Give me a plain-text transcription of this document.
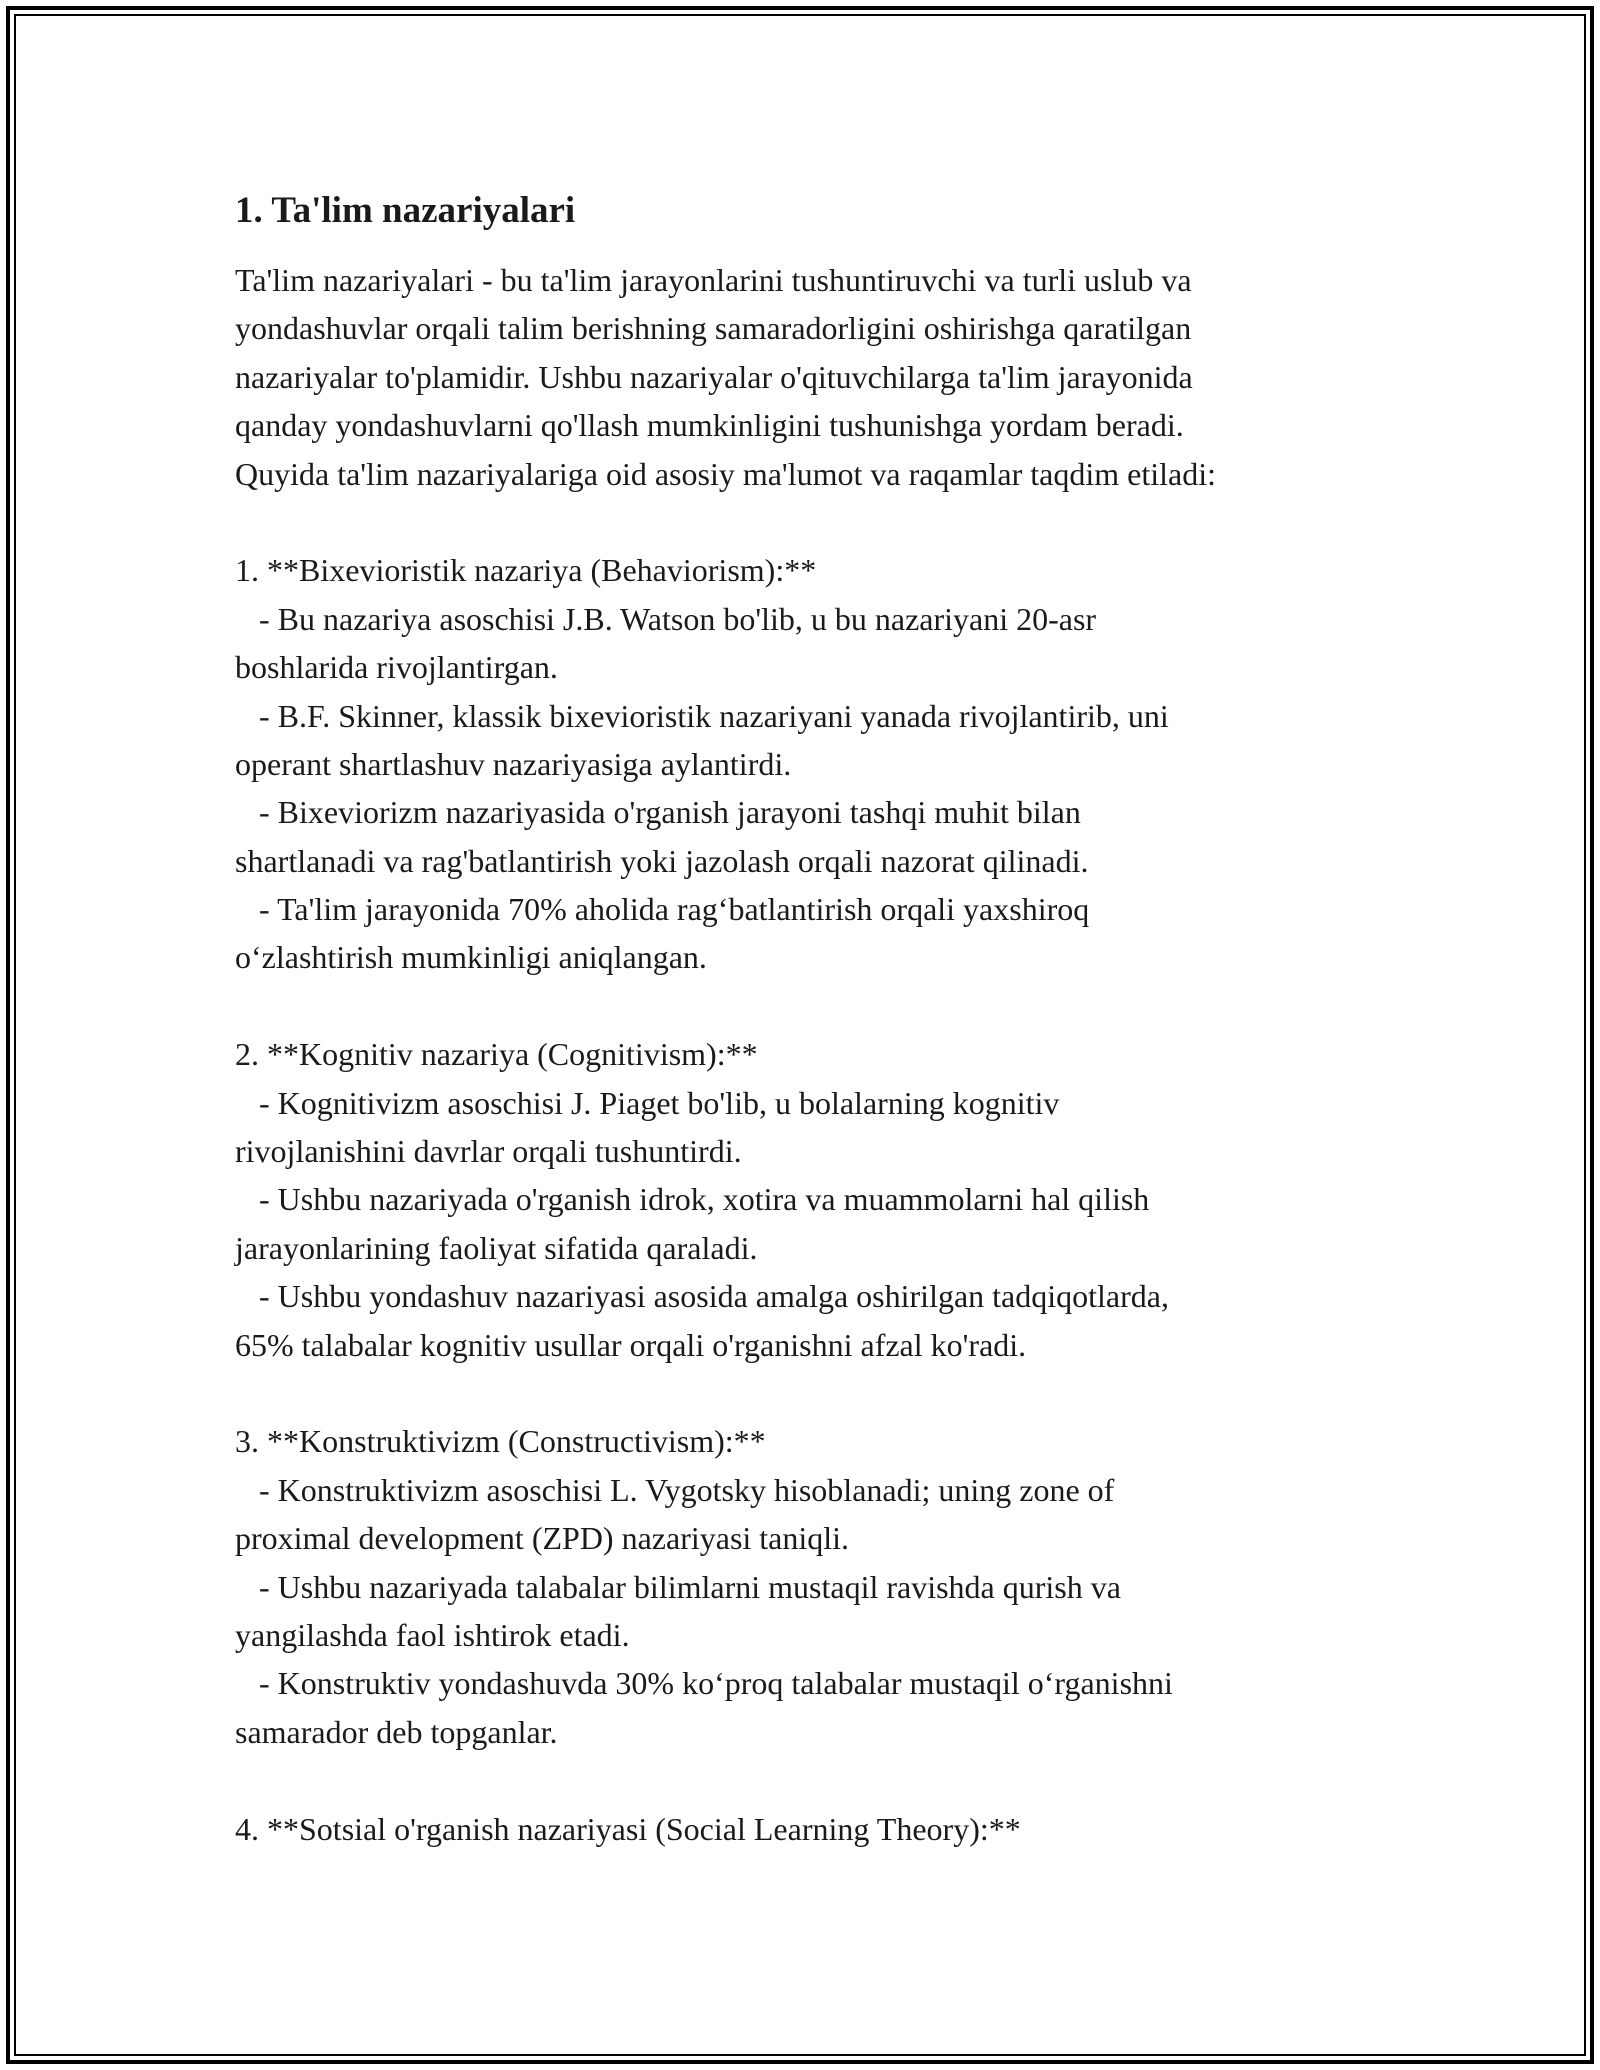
1. Ta'lim nazariyalari
Ta'lim nazariyalari - bu ta'lim jarayonlarini tushuntiruvchi va turli uslub va
yondashuvlar orqali talim berishning samaradorligini oshirishga qaratilgan
nazariyalar to'plamidir. Ushbu nazariyalar o'qituvchilarga ta'lim jarayonida
qanday yondashuvlarni qo'llash mumkinligini tushunishga yordam beradi.
Quyida ta'lim nazariyalariga oid asosiy ma'lumot va raqamlar taqdim etiladi:
1. **Bixevioristik nazariya (Behaviorism):**
- Bu nazariya asoschisi J.B. Watson bo'lib, u bu nazariyani 20-asr
boshlarida rivojlantirgan.
- B.F. Skinner, klassik bixevioristik nazariyani yanada rivojlantirib, uni
operant shartlashuv nazariyasiga aylantirdi.
- Bixeviorizm nazariyasida o'rganish jarayoni tashqi muhit bilan
shartlanadi va rag'batlantirish yoki jazolash orqali nazorat qilinadi.
- Ta'lim jarayonida 70% aholida rag‘batlantirish orqali yaxshiroq
o‘zlashtirish mumkinligi aniqlangan.
2. **Kognitiv nazariya (Cognitivism):**
- Kognitivizm asoschisi J. Piaget bo'lib, u bolalarning kognitiv
rivojlanishini davrlar orqali tushuntirdi.
- Ushbu nazariyada o'rganish idrok, xotira va muammolarni hal qilish
jarayonlarining faoliyat sifatida qaraladi.
- Ushbu yondashuv nazariyasi asosida amalga oshirilgan tadqiqotlarda,
65% talabalar kognitiv usullar orqali o'rganishni afzal ko'radi.
3. **Konstruktivizm (Constructivism):**
- Konstruktivizm asoschisi L. Vygotsky hisoblanadi; uning zone of
proximal development (ZPD) nazariyasi taniqli.
- Ushbu nazariyada talabalar bilimlarni mustaqil ravishda qurish va
yangilashda faol ishtirok etadi.
- Konstruktiv yondashuvda 30% ko‘proq talabalar mustaqil o‘rganishni
samarador deb topganlar.
4. **Sotsial o'rganish nazariyasi (Social Learning Theory):**
